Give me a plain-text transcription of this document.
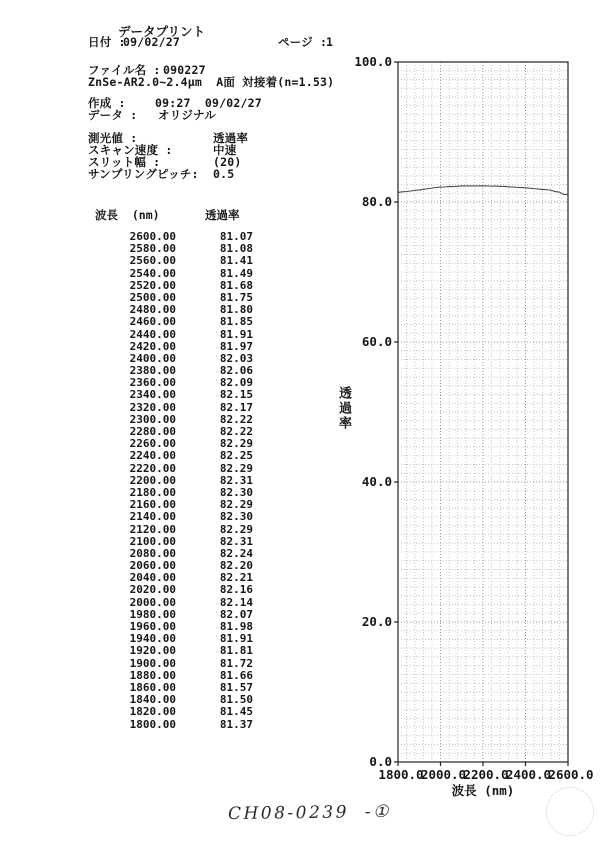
データプリント
日付 :
09/02/27	ページ :
1
ファイル名 : 090227
ZnSe-AR2.0~2.4μm  A面 対接着(n=1.53)
作成 :	09:27  09/02/27
データ : オリジナル
測光値 :	透過率
スキャン速度 :	中速
スリット幅 :	(20)
サンプリングピッチ: 0.5
波長  (nm)	透過率
2600.00	81.07
2580.00	81.08
2560.00	81.41
2540.00	81.49
2520.00	81.68
2500.00	81.75
2480.00	81.80
2460.00	81.85
2440.00	81.91
2420.00	81.97
2400.00	82.03
2380.00	82.06
2360.00	82.09
2340.00	82.15
2320.00	82.17
2300.00	82.22
2280.00	82.22
2260.00	82.29
2240.00	82.25
2220.00	82.29
2200.00	82.31
2180.00	82.30
2160.00	82.29
2140.00	82.30
2120.00	82.29
2100.00	82.31
2080.00	82.24
2060.00	82.20
2040.00	82.21
2020.00	82.16
2000.00	82.14
1980.00	82.07
1960.00	81.98
1940.00	81.91
1920.00	81.81
1900.00	81.72
1880.00	81.66
1860.00	81.57
1840.00	81.50
1820.00	81.45
1800.00	81.37
0.0
20.0
40.0
60.0
80.0
100.0
1800.0
2000.0
2200.0
2400.0
2600.0
波長 (nm)
透過率
CH08-0239  -①
